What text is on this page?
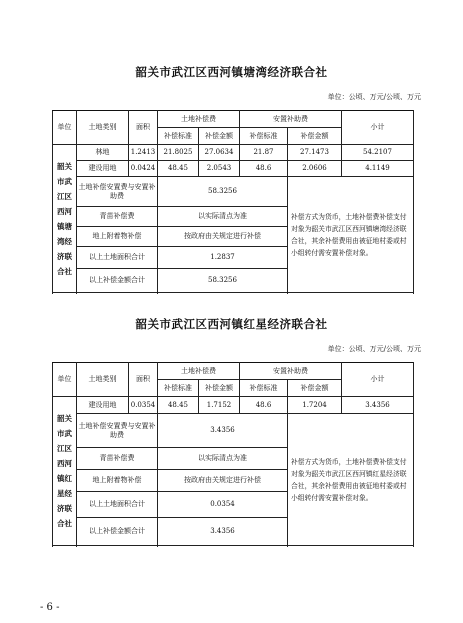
韶关市武江区西河镇塘湾经济联合社
单位：公顷、万元/公顷、万元
单位	土地类别	面积	土地补偿费		安置补助费		小计
			补偿标准	补偿金额	补偿标准	补偿金额	
韶关市武江区西河镇塘湾经济联合社	林地	1.2413	21.8025	27.0634	21.87	27.1473	54.2107
	建设用地	0.0424	48.45	2.0543	48.6	2.0606	4.1149
	土地补偿安置费与安置补助费		58.3256			补偿方式为货币，土地补偿费补偿支付对象为韶关市武江区西河镇塘湾经济联合社，其余补偿费用由被征地村委或村小组转付需安置补偿对象。	
	青苗补偿费		以实际清点为准				
	地上附着物补偿		按政府由关规定进行补偿				
	以上土地面积合计		1.2837				
	以上补偿金额合计		58.3256				

韶关市武江区西河镇红星经济联合社
单位：公顷、万元/公顷、万元
单位	土地类别	面积	土地补偿费		安置补助费		小计
			补偿标准	补偿金额	补偿标准	补偿金额	
韶关市武江区西河镇红星经济联合社	建设用地	0.0354	48.45	1.7152	48.6	1.7204	3.4356
	土地补偿安置费与安置补助费		3.4356			补偿方式为货币，土地补偿费补偿支付对象为韶关市武江区西河镇红星经济联合社，其余补偿费用由被征地村委或村小组转付需安置补偿对象。	
	青苗补偿费		以实际清点为准				
	地上附着物补偿		按政府由关规定进行补偿				
	以上土地面积合计		0.0354				
	以上补偿金额合计		3.4356				

- 6 -
